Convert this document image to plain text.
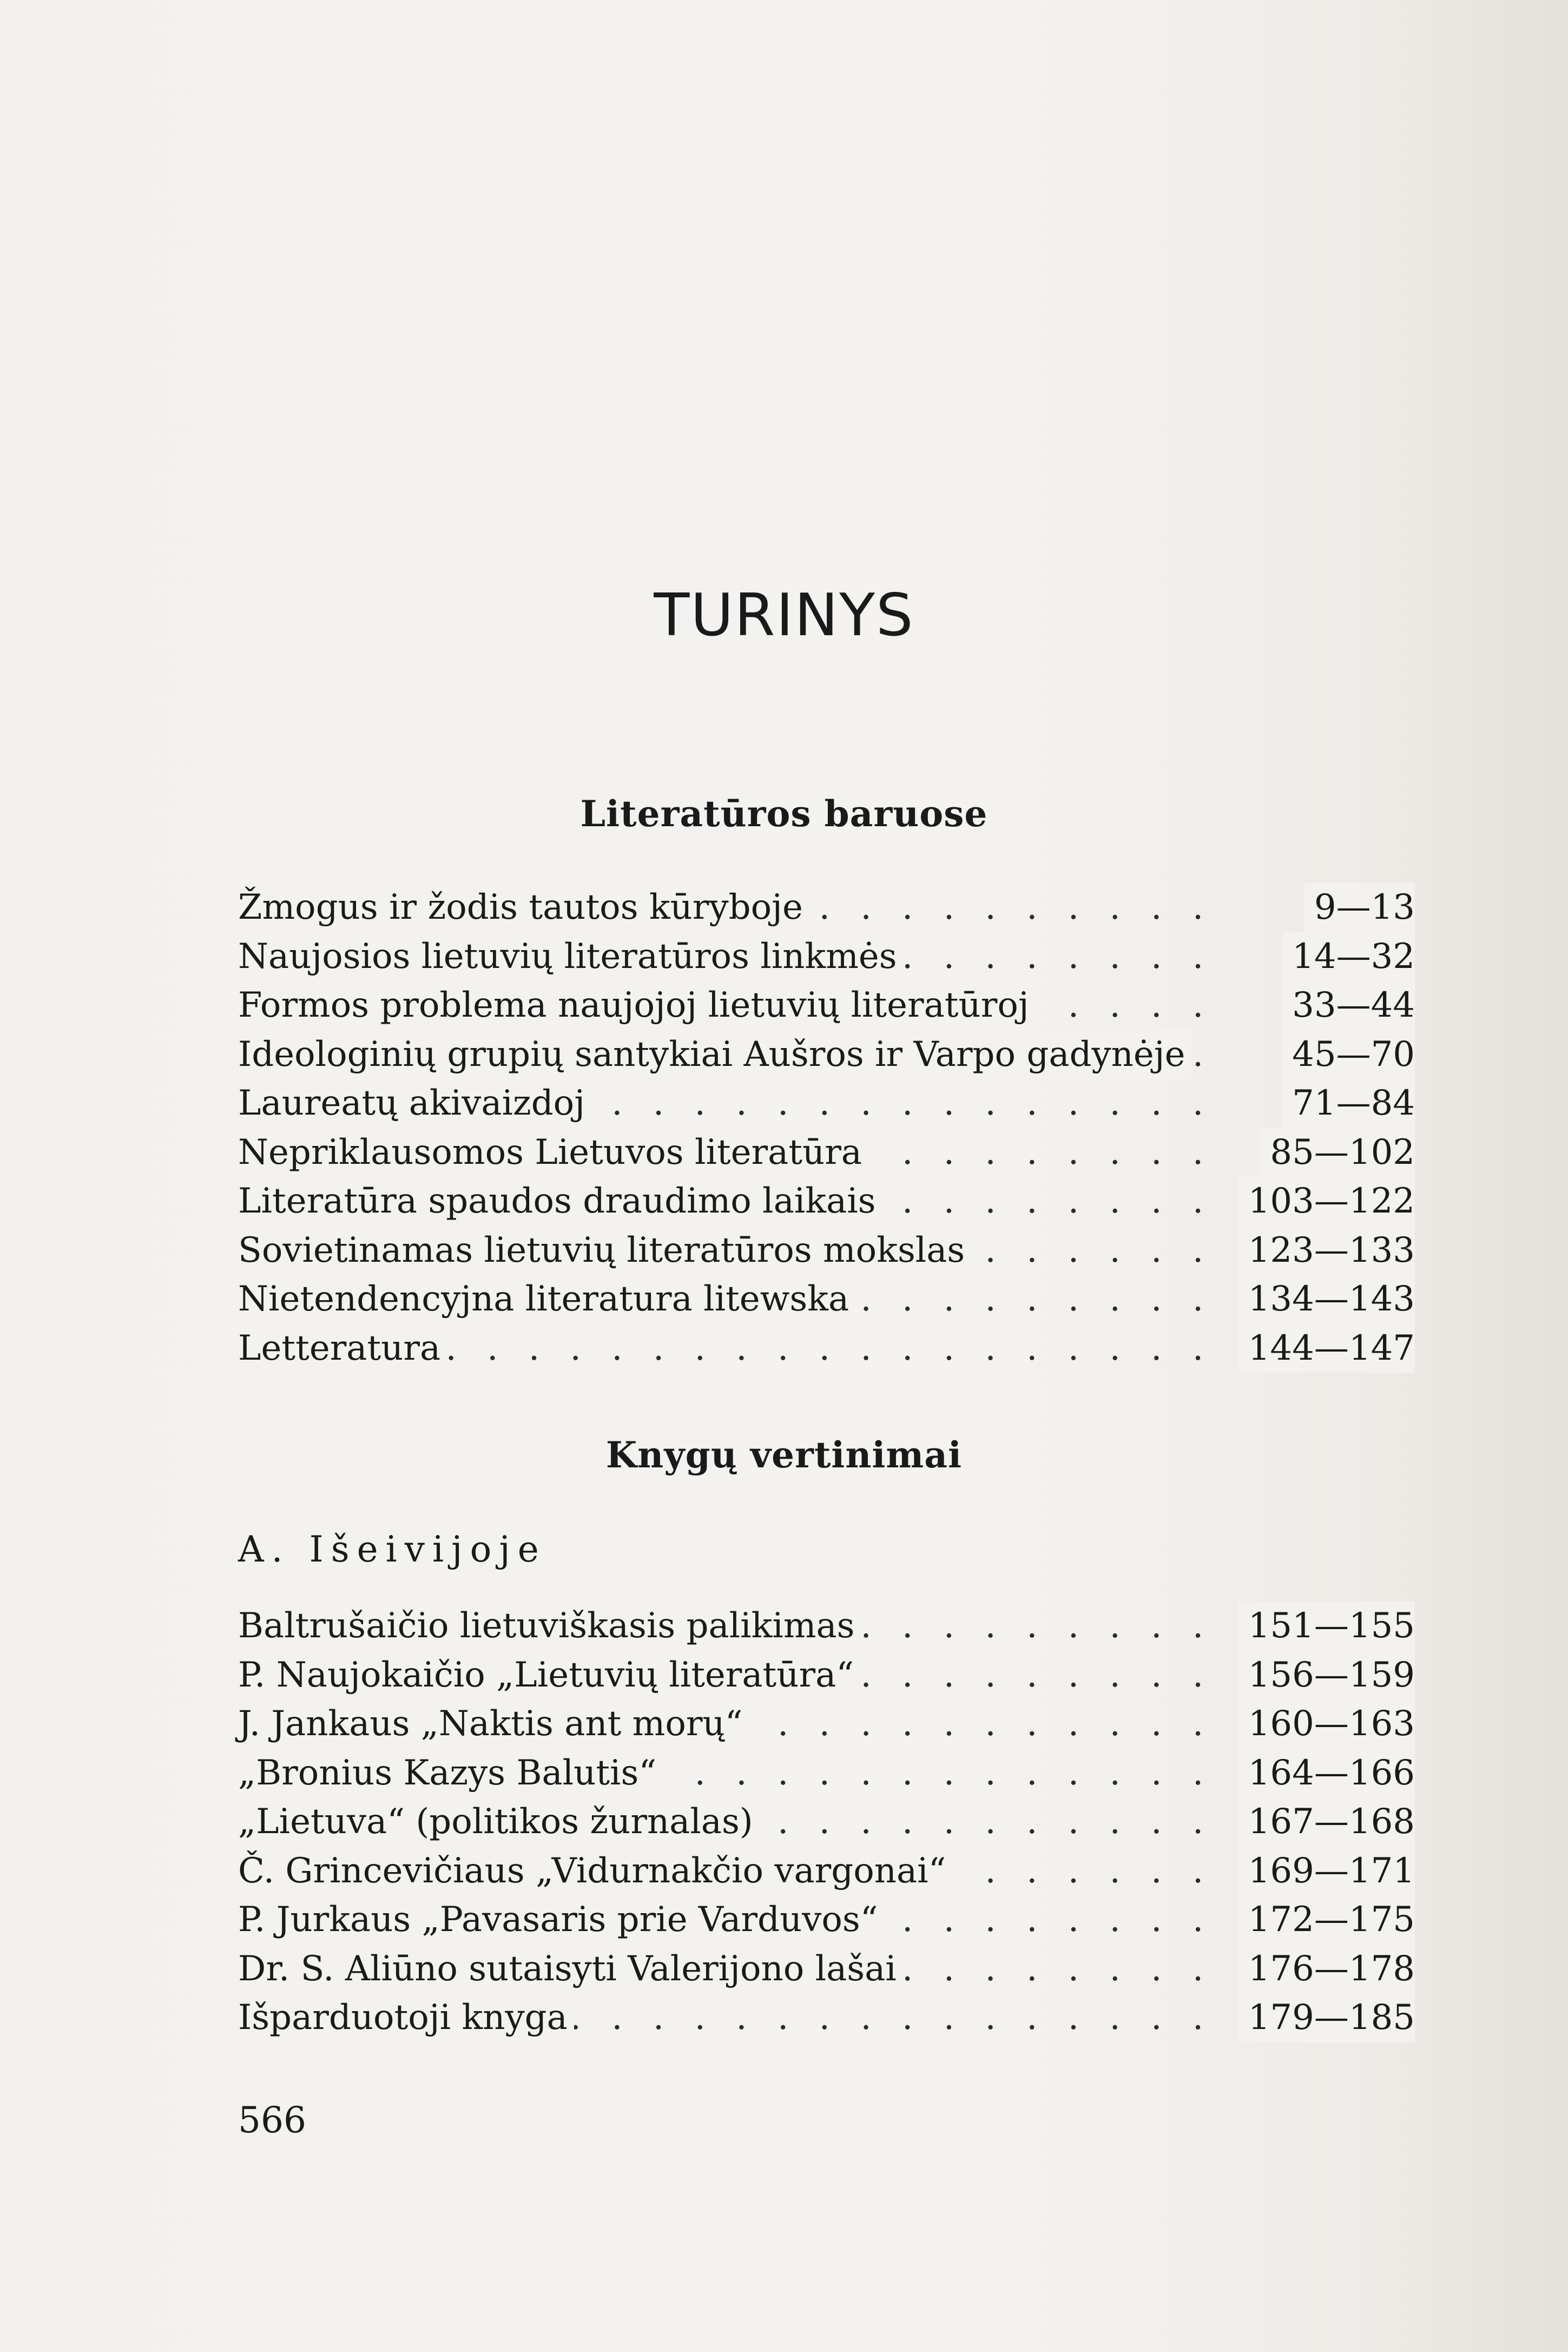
TURINYS
Literatūros baruose
. . .
Žmogus ir žodis tautos kūryboje	9—13
. . .
Naujosios lietuvių literatūros linkmės	14—32
. . .
Formos problema naujojoj lietuvių literatūroj	33—44
. . .
Ideologinių grupių santykiai Aušros ir Varpo gadynėje	45—70
. . .
Laureatų akivaizdoj	71—84
. . .
Nepriklausomos Lietuvos literatūra	85—102
. . .
Literatūra spaudos draudimo laikais	103—122
. . .
Sovietinamas lietuvių literatūros mokslas	123—133
. . .
Nietendencyjna literatura litewska	134—143
. . .
Letteratura	144—147
Knygų vertinimai
A. Išeivijoje
. . .
Baltrušaičio lietuviškasis palikimas	151—155
. . .
P. Naujokaičio „Lietuvių literatūra“	156—159
. . .
J. Jankaus „Naktis ant morų“	160—163
. . .
„Bronius Kazys Balutis“	164—166
. . .
„Lietuva“ (politikos žurnalas)	167—168
. . .
Č. Grincevičiaus „Vidurnakčio vargonai“	169—171
. . .
P. Jurkaus „Pavasaris prie Varduvos“	172—175
. . .
Dr. S. Aliūno sutaisyti Valerijono lašai	176—178
. . .
Išparduotoji knyga	179—185
566
